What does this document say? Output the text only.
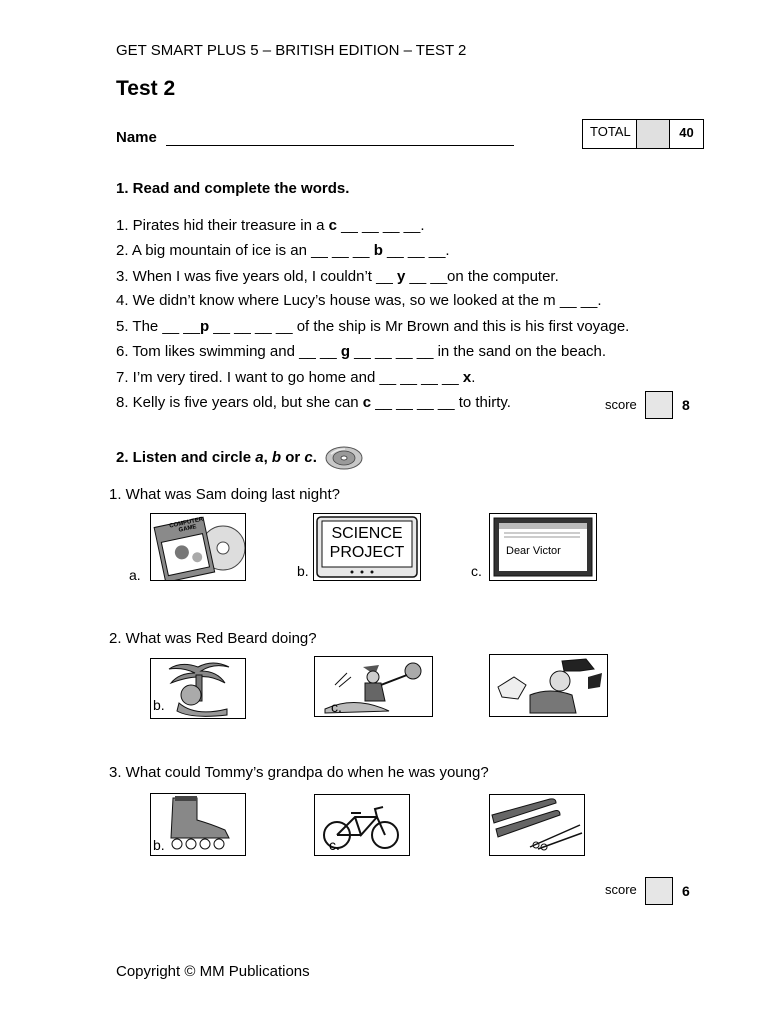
GET SMART PLUS 5 – BRITISH EDITION – TEST 2
Test 2
Name	TOTAL	40
1. Read and complete the words.
1. Pirates hid their treasure in a c __ __ __ __.
2. A big mountain of ice is an __ __ __ b __ __ __.
3. When I was five years old, I couldn’t __ y __ __on the computer.
4. We didn’t know where Lucy’s house was, so we looked at the m __ __.
5. The __ __p __ __ __ __ of the ship is Mr Brown and this is his first voyage.
6. Tom likes swimming and __ __ g __ __ __ __ in the sand on the beach.
7. I’m very tired. I want to go home and __ __ __ __ x.
8. Kelly is five years old, but she can c __ __ __ __ to thirty.	score	8
2. Listen and circle a, b or c.
1. What was Sam doing last night?
a.
COMPUTER GAME
b.
SCIENCE
PROJECT
c.
Dear Victor
2. What was Red Beard doing?
b.	c.
3. What could Tommy’s grandpa do when he was young?
b.	c.
score	6
Copyright © MM Publications
